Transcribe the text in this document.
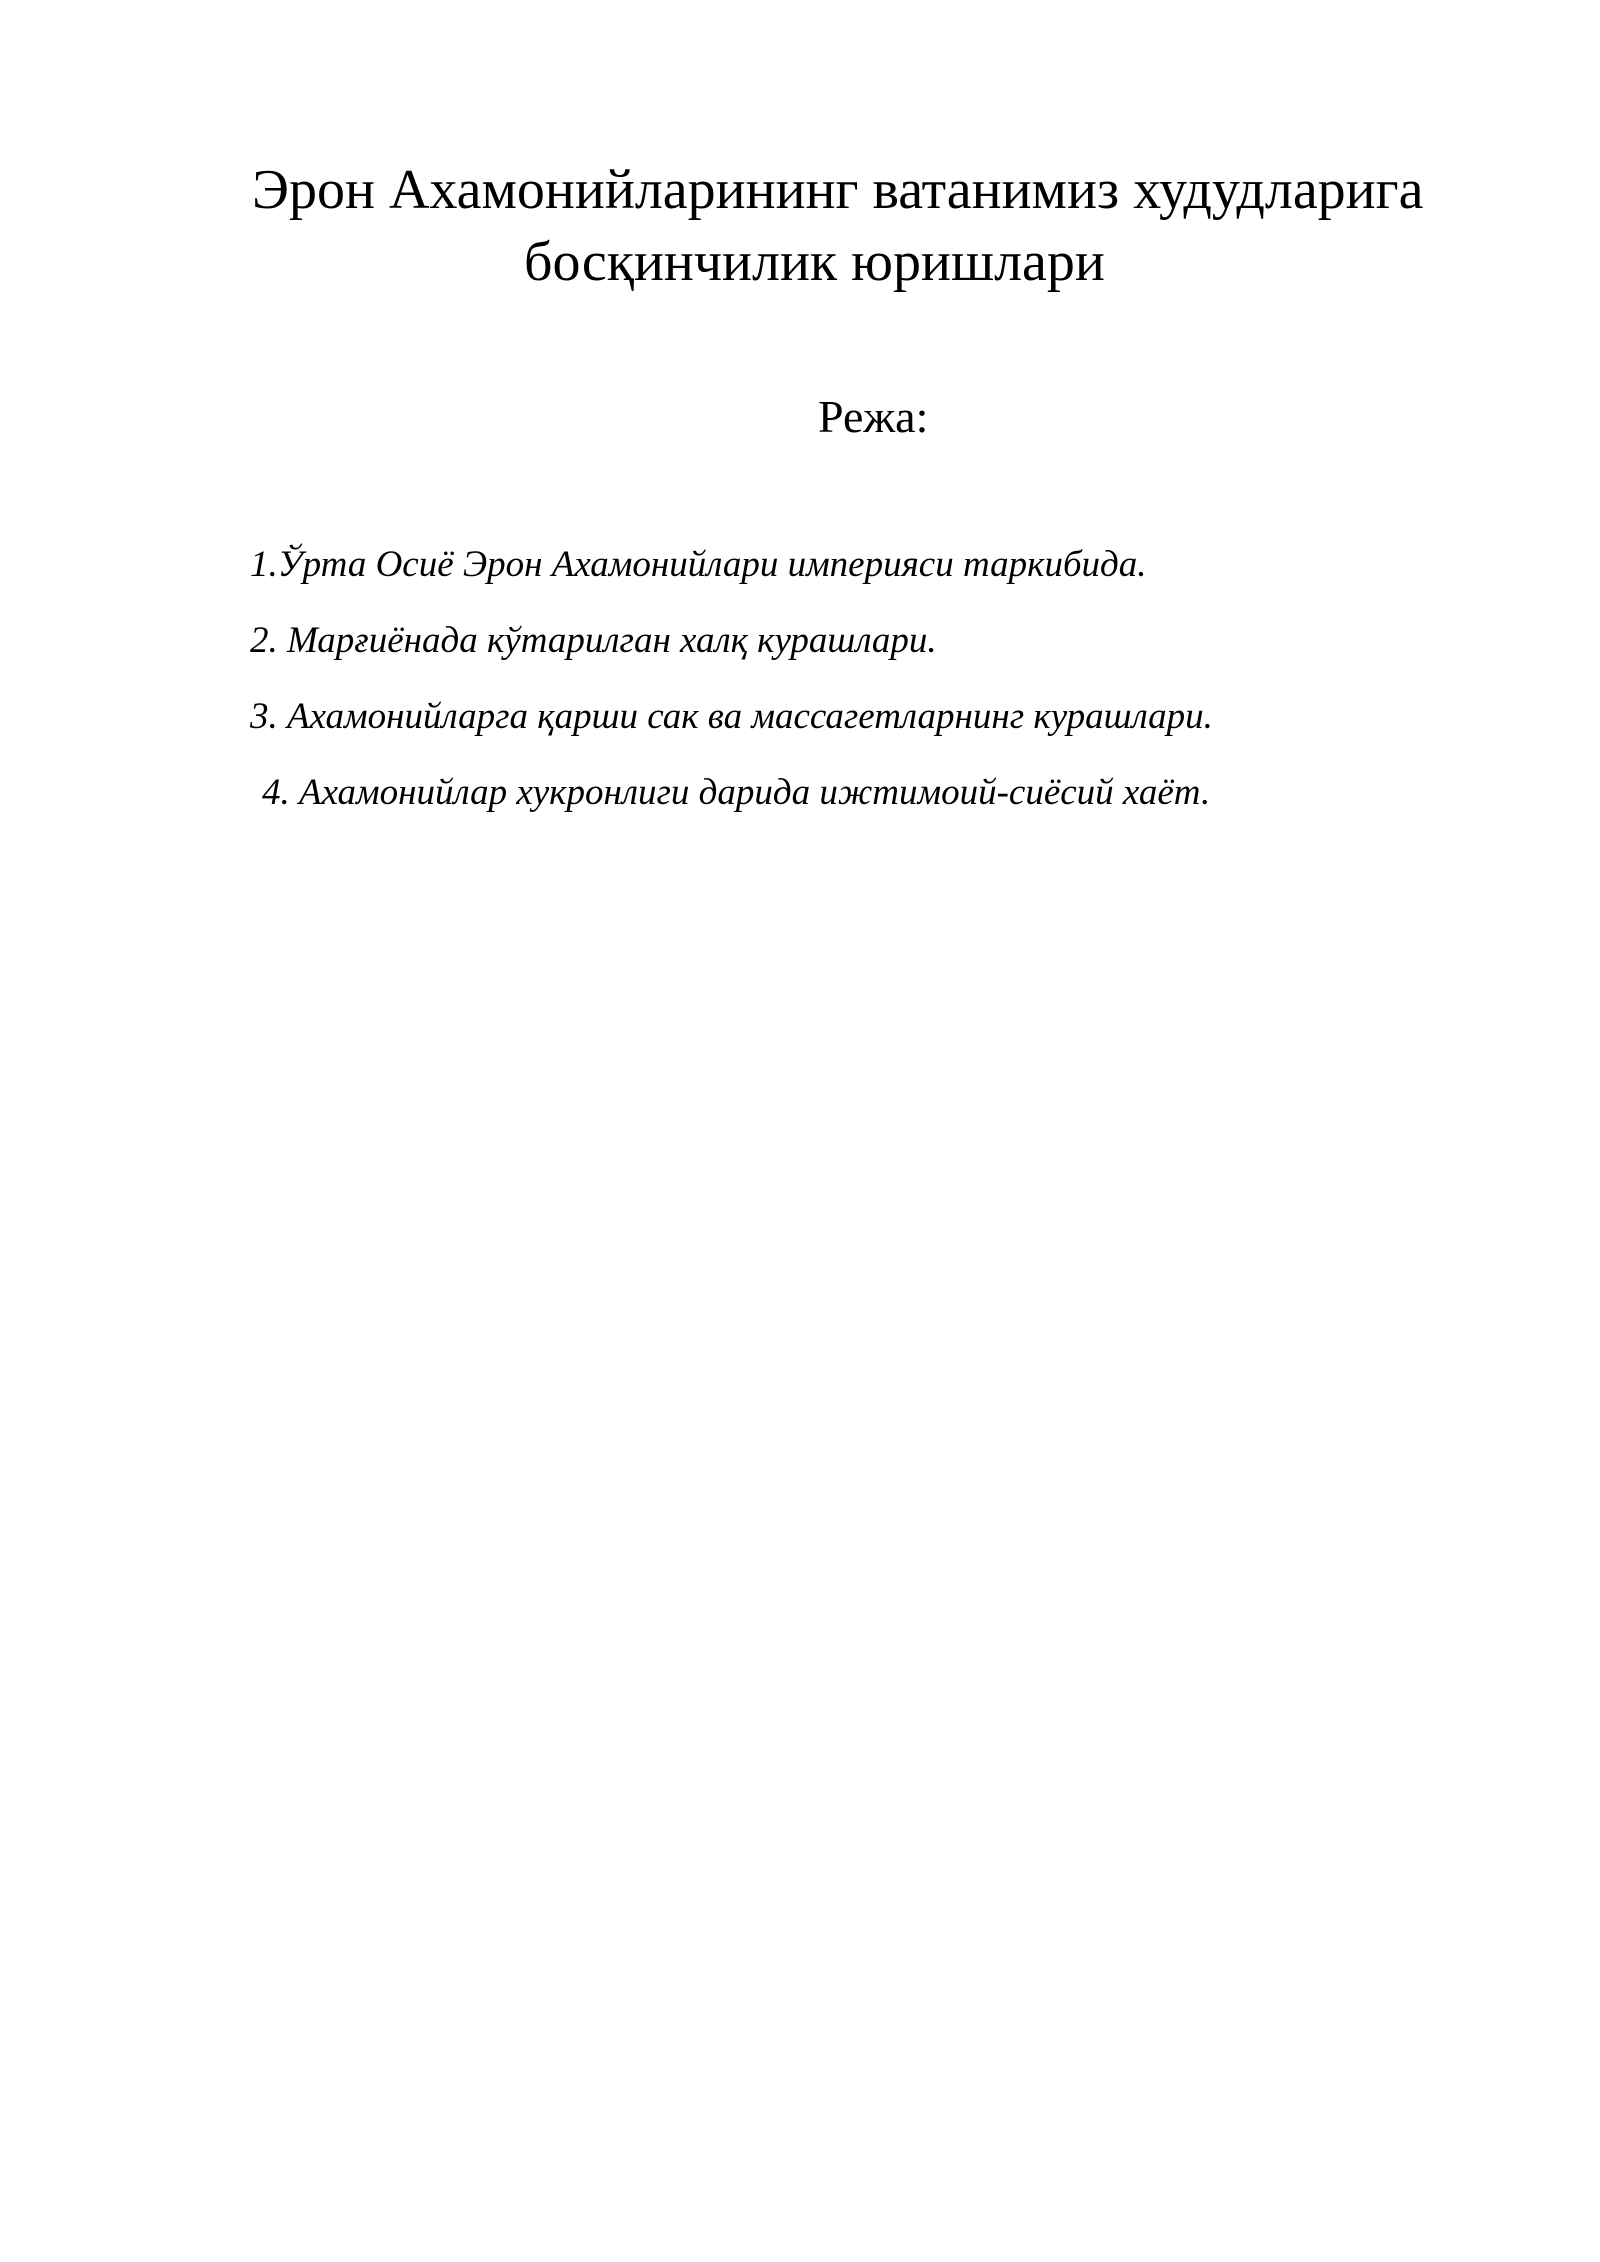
Эрон Ахамонийларининг ватанимиз худудларига
босқинчилик юришлари
Режа:
1.Ўрта Осиё Эрон Ахамонийлари империяси таркибида.
2. Марғиёнада кўтарилган халқ курашлари.
3. Ахамонийларга қарши сак ва массагетларнинг курашлари.
4. Ахамонийлар хукронлиги дарида ижтимоий-сиёсий хаёт.
